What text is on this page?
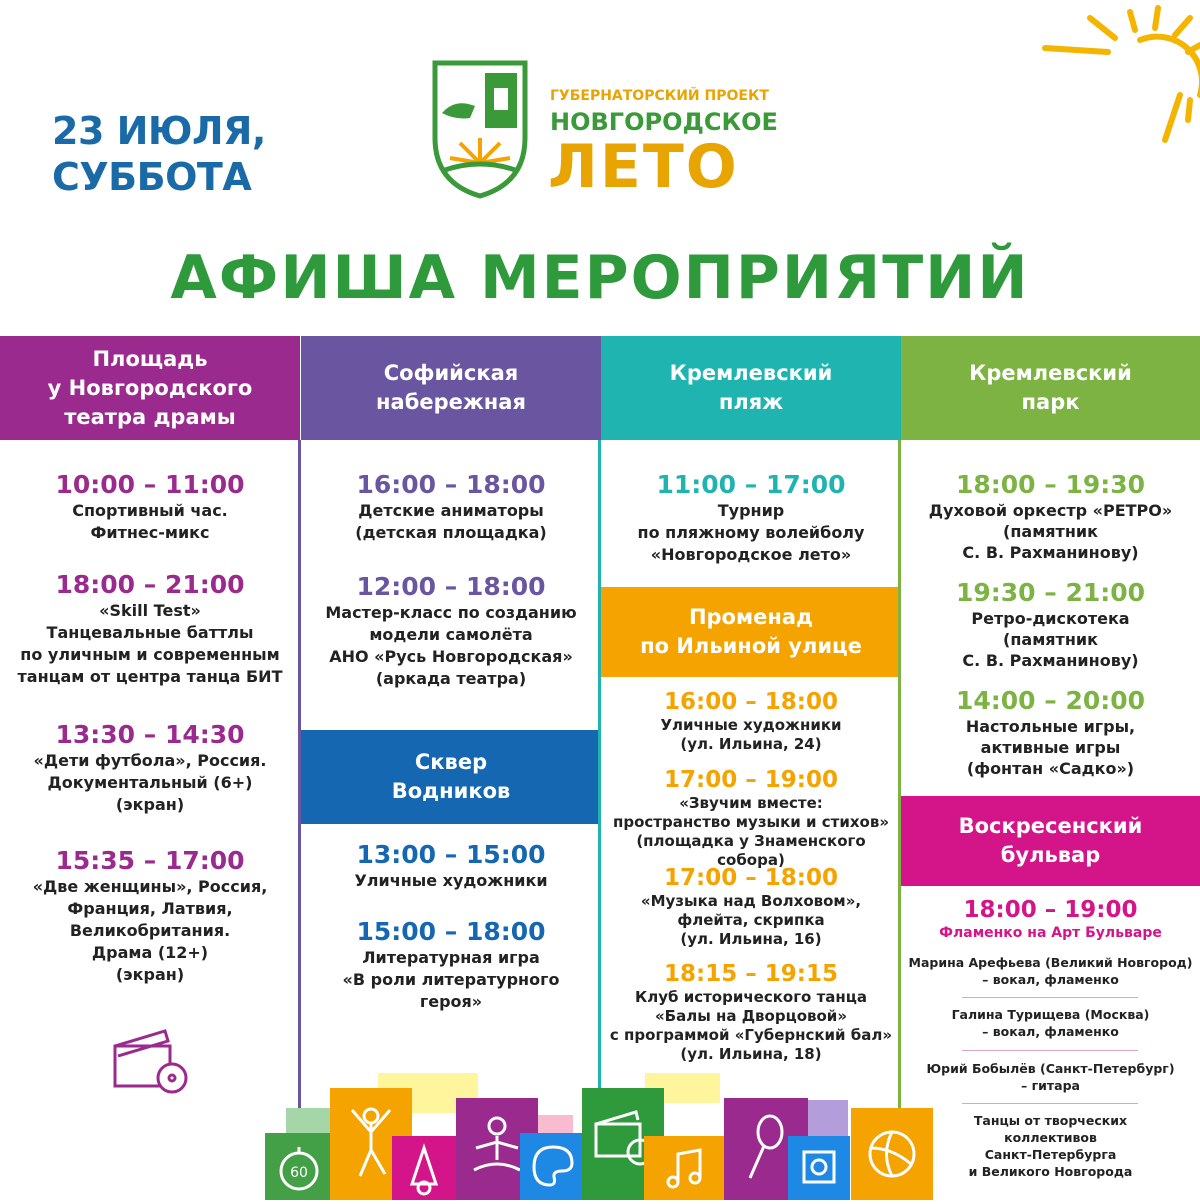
23 ИЮЛЯ,
СУББОТА
ГУБЕРНАТОРСКИЙ ПРОЕКТ
НОВГОРОДСКОЕ
ЛЕТО
АФИША МЕРОПРИЯТИЙ
Площадь
у Новгородского
театра драмы
10:00 – 11:00
Спортивный час.
Фитнес-микс
18:00 – 21:00
«Skill Test»
Танцевальные баттлы
по уличным и современным
танцам от центра танца БИТ
13:30 – 14:30
«Дети футбола», Россия.
Документальный (6+)
(экран)
15:35 – 17:00
«Две женщины», Россия,
Франция, Латвия,
Великобритания.
Драма (12+)
(экран)
Софийская
набережная
16:00 – 18:00
Детские аниматоры
(детская площадка)
12:00 – 18:00
Мастер-класс по созданию
модели самолёта
АНО «Русь Новгородская»
(аркада театра)
Сквер
Водников
13:00 – 15:00
Уличные художники
15:00 – 18:00
Литературная игра
«В роли литературного
героя»
Кремлевский
пляж
11:00 – 17:00
Турнир
по пляжному волейболу
«Новгородское лето»
Променад
по Ильиной улице
16:00 – 18:00
Уличные художники
(ул. Ильина, 24)
17:00 – 19:00
«Звучим вместе:
пространство музыки и стихов»
(площадка у Знаменского собора)
17:00 – 18:00
«Музыка над Волховом»,
флейта, скрипка
(ул. Ильина, 16)
18:15 – 19:15
Клуб исторического танца
«Балы на Дворцовой»
с программой «Губернский бал»
(ул. Ильина, 18)
Кремлевский
парк
18:00 – 19:30
Духовой оркестр «РЕТРО»
(памятник
С. В. Рахманинову)
19:30 – 21:00
Ретро-дискотека
(памятник
С. В. Рахманинову)
14:00 – 20:00
Настольные игры,
активные игры
(фонтан «Садко»)
Воскресенский
бульвар
18:00 – 19:00
Фламенко на Арт Бульваре
Марина Арефьева (Великий Новгород)
– вокал, фламенко
Галина Турищева (Москва)
– вокал, фламенко
Юрий Бобылёв (Санкт-Петербург)
– гитара
Танцы от творческих
коллективов
Санкт-Петербурга
и Великого Новгорода
60
